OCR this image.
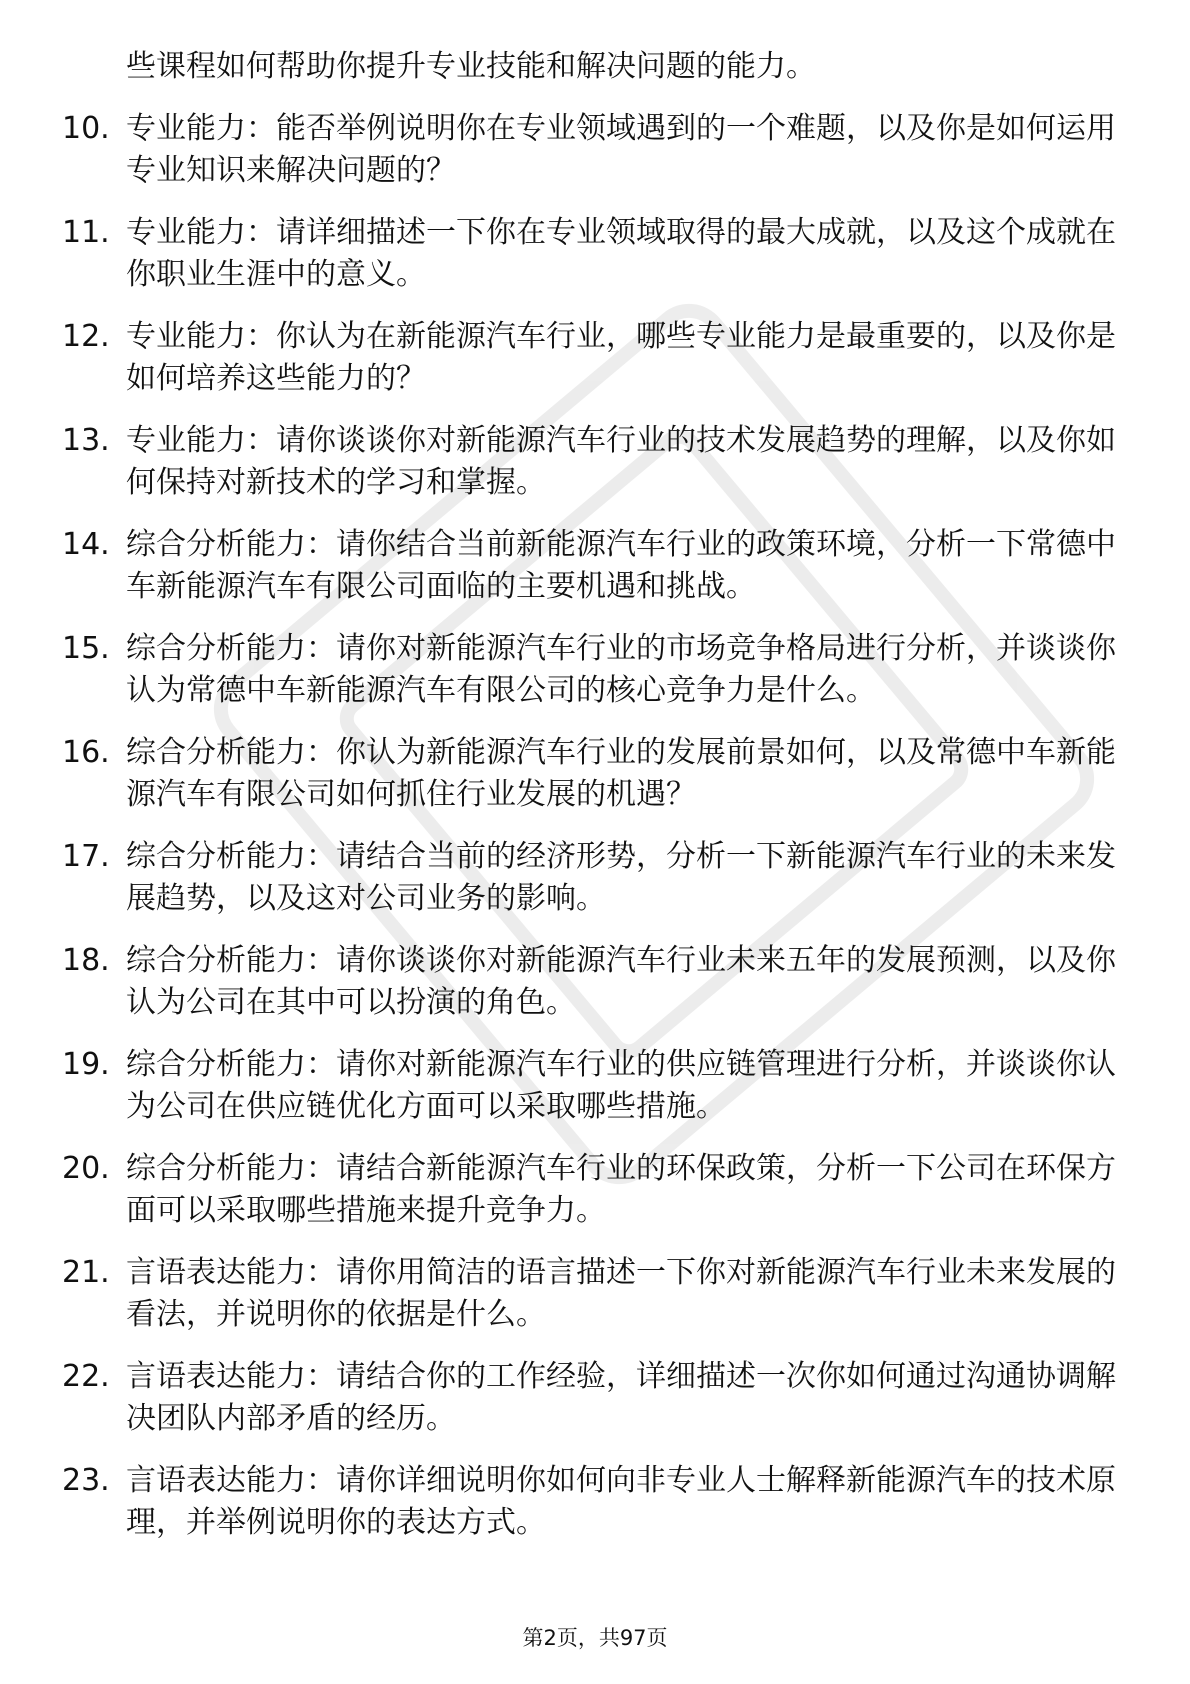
些课程如何帮助你提升专业技能和解决问题的能力。
10. 专业能力：能否举例说明你在专业领域遇到的一个难题，以及你是如何运用专业知识来解决问题的？
11. 专业能力：请详细描述一下你在专业领域取得的最大成就，以及这个成就在你职业生涯中的意义。
12. 专业能力：你认为在新能源汽车行业，哪些专业能力是最重要的，以及你是如何培养这些能力的？
13. 专业能力：请你谈谈你对新能源汽车行业的技术发展趋势的理解，以及你如何保持对新技术的学习和掌握。
14. 综合分析能力：请你结合当前新能源汽车行业的政策环境，分析一下常德中车新能源汽车有限公司面临的主要机遇和挑战。
15. 综合分析能力：请你对新能源汽车行业的市场竞争格局进行分析，并谈谈你认为常德中车新能源汽车有限公司的核心竞争力是什么。
16. 综合分析能力：你认为新能源汽车行业的发展前景如何，以及常德中车新能源汽车有限公司如何抓住行业发展的机遇？
17. 综合分析能力：请结合当前的经济形势，分析一下新能源汽车行业的未来发展趋势，以及这对公司业务的影响。
18. 综合分析能力：请你谈谈你对新能源汽车行业未来五年的发展预测，以及你认为公司在其中可以扮演的角色。
19. 综合分析能力：请你对新能源汽车行业的供应链管理进行分析，并谈谈你认为公司在供应链优化方面可以采取哪些措施。
20. 综合分析能力：请结合新能源汽车行业的环保政策，分析一下公司在环保方面可以采取哪些措施来提升竞争力。
21. 言语表达能力：请你用简洁的语言描述一下你对新能源汽车行业未来发展的看法，并说明你的依据是什么。
22. 言语表达能力：请结合你的工作经验，详细描述一次你如何通过沟通协调解决团队内部矛盾的经历。
23. 言语表达能力：请你详细说明你如何向非专业人士解释新能源汽车的技术原理，并举例说明你的表达方式。
第2页，共97页
